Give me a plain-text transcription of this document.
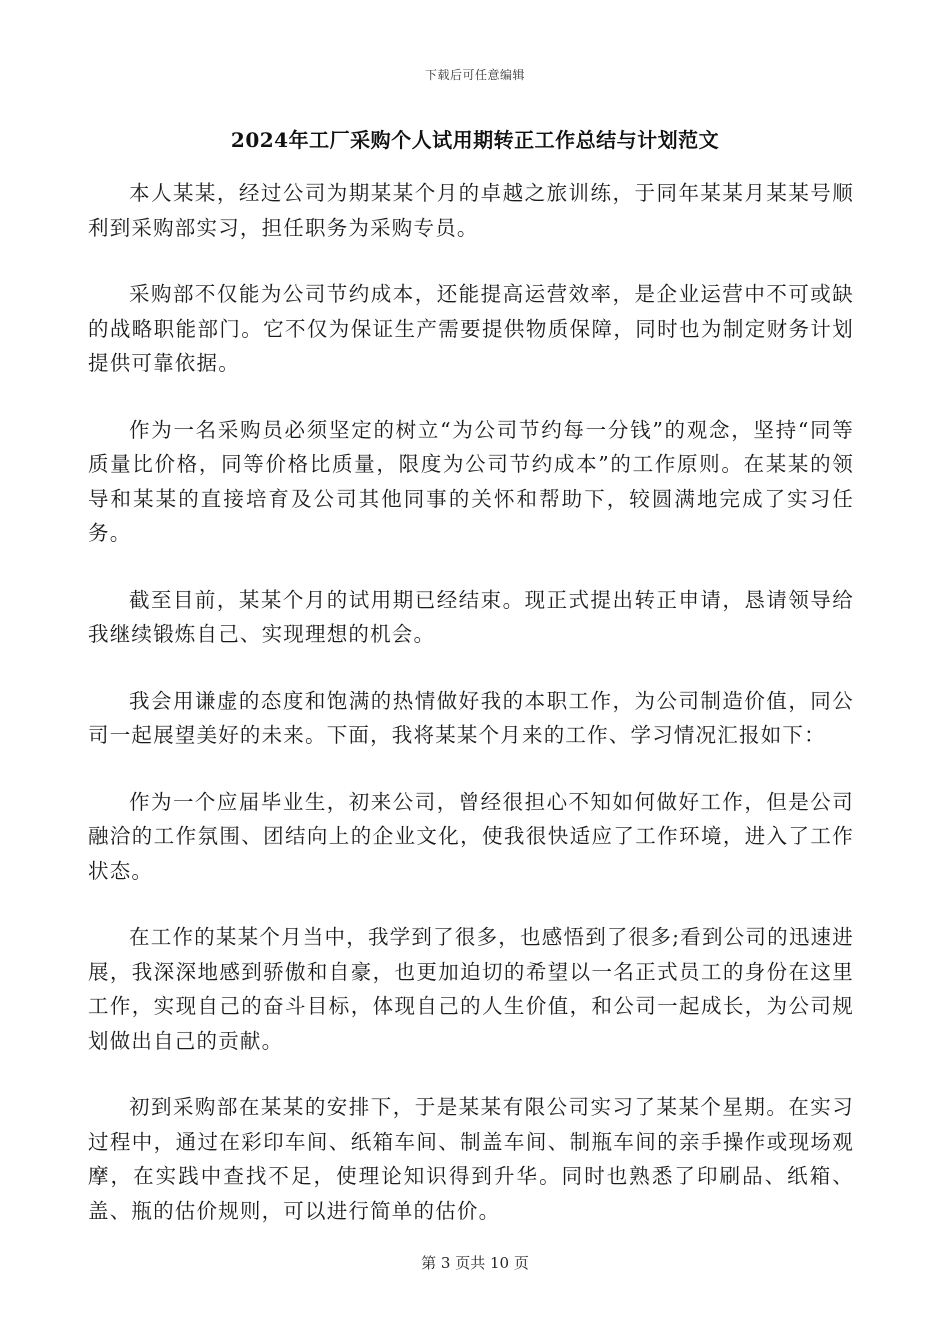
下载后可任意编辑
2024年工厂采购个人试用期转正工作总结与计划范文

本人某某，经过公司为期某某个月的卓越之旅训练，于同年某某月某某号顺利到采购部实习，担任职务为采购专员。

采购部不仅能为公司节约成本，还能提高运营效率，是企业运营中不可或缺的战略职能部门。它不仅为保证生产需要提供物质保障，同时也为制定财务计划提供可靠依据。

作为一名采购员必须坚定的树立“为公司节约每一分钱”的观念，坚持“同等质量比价格，同等价格比质量，限度为公司节约成本”的工作原则。在某某的领导和某某的直接培育及公司其他同事的关怀和帮助下，较圆满地完成了实习任务。

截至目前，某某个月的试用期已经结束。现正式提出转正申请，恳请领导给我继续锻炼自己、实现理想的机会。

我会用谦虚的态度和饱满的热情做好我的本职工作，为公司制造价值，同公司一起展望美好的未来。下面，我将某某个月来的工作、学习情况汇报如下：

作为一个应届毕业生，初来公司，曾经很担心不知如何做好工作，但是公司融洽的工作氛围、团结向上的企业文化，使我很快适应了工作环境，进入了工作状态。

在工作的某某个月当中，我学到了很多，也感悟到了很多;看到公司的迅速进展，我深深地感到骄傲和自豪，也更加迫切的希望以一名正式员工的身份在这里工作，实现自己的奋斗目标，体现自己的人生价值，和公司一起成长，为公司规划做出自己的贡献。

初到采购部在某某的安排下，于是某某有限公司实习了某某个星期。在实习过程中，通过在彩印车间、纸箱车间、制盖车间、制瓶车间的亲手操作或现场观摩，在实践中查找不足，使理论知识得到升华。同时也熟悉了印刷品、纸箱、盖、瓶的估价规则，可以进行简单的估价。

第 3 页共 10 页
